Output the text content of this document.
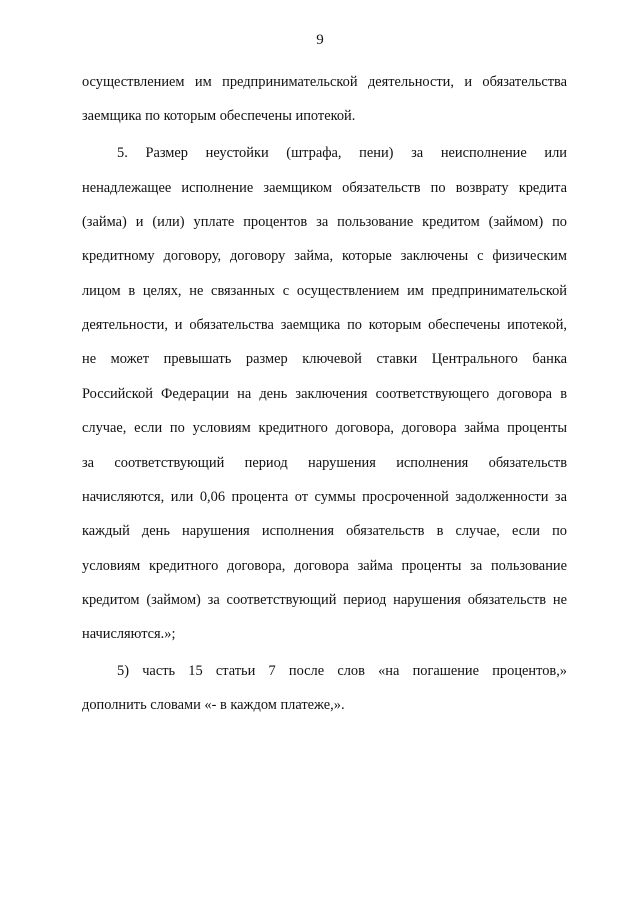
9
осуществлением им предпринимательской деятельности, и обязательства
заемщика по которым обеспечены ипотекой.
5. Размер неустойки (штрафа, пени) за неисполнение или
ненадлежащее исполнение заемщиком обязательств по возврату кредита
(займа) и (или) уплате процентов за пользование кредитом (займом) по
кредитному договору, договору займа, которые заключены с физическим
лицом в целях, не связанных с осуществлением им предпринимательской
деятельности, и обязательства заемщика по которым обеспечены ипотекой,
не может превышать размер ключевой ставки Центрального банка
Российской Федерации на день заключения соответствующего договора в
случае, если по условиям кредитного договора, договора займа проценты
за соответствующий период нарушения исполнения обязательств
начисляются, или 0,06 процента от суммы просроченной задолженности за
каждый день нарушения исполнения обязательств в случае, если по
условиям кредитного договора, договора займа проценты за пользование
кредитом (займом) за соответствующий период нарушения обязательств не
начисляются.»;
5) часть 15 статьи 7 после слов «на погашение процентов,»
дополнить словами «- в каждом платеже,».
